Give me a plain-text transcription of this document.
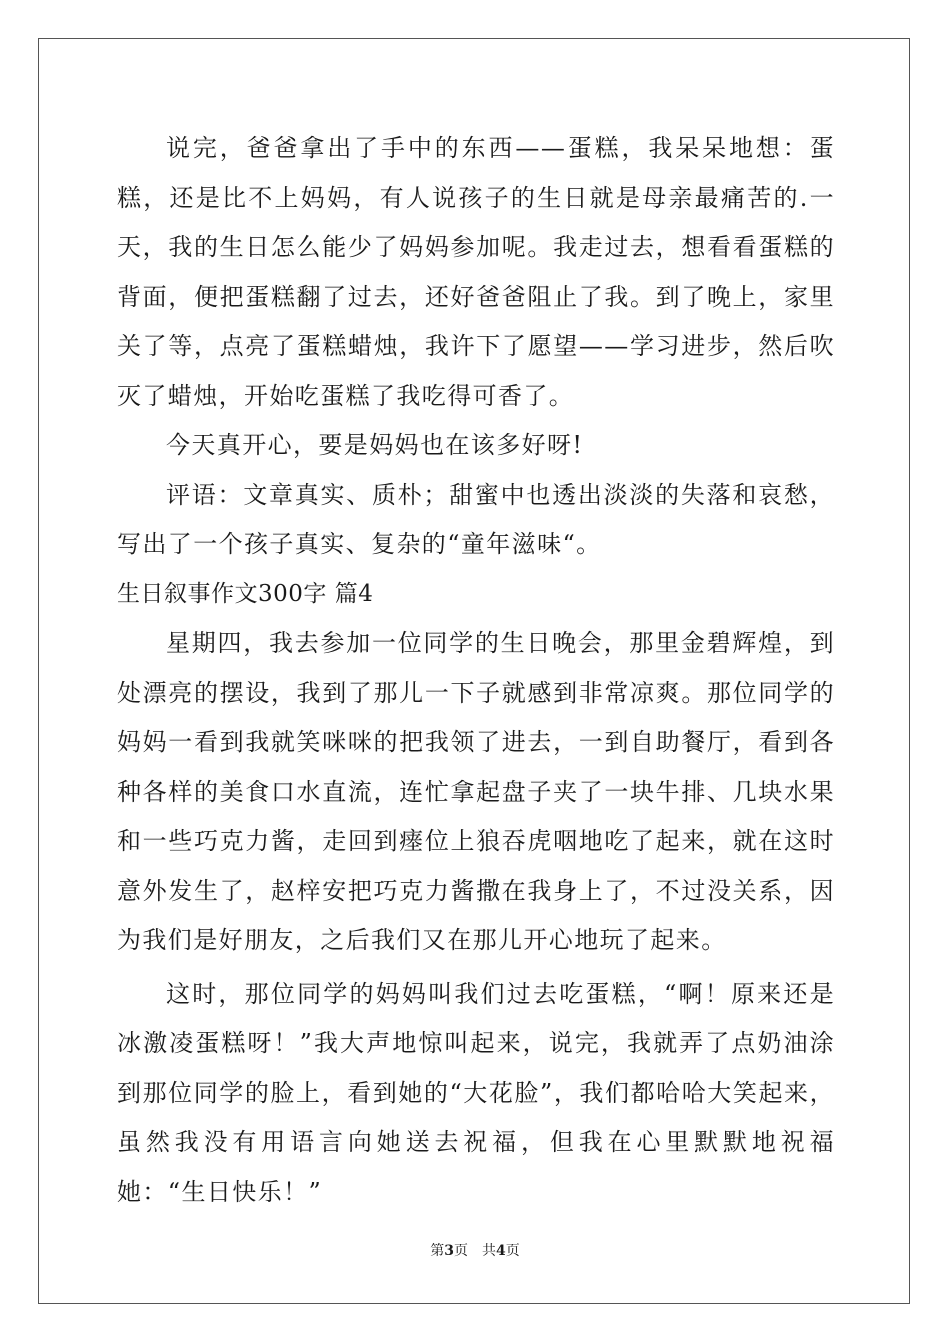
说完，爸爸拿出了手中的东西——蛋糕，我呆呆地想：蛋糕，还是比不上妈妈，有人说孩子的生日就是母亲最痛苦的.一天，我的生日怎么能少了妈妈参加呢。我走过去，想看看蛋糕的背面，便把蛋糕翻了过去，还好爸爸阻止了我。到了晚上，家里关了等，点亮了蛋糕蜡烛，我许下了愿望——学习进步，然后吹灭了蜡烛，开始吃蛋糕了我吃得可香了。

今天真开心，要是妈妈也在该多好呀!

评语：文章真实、质朴；甜蜜中也透出淡淡的失落和哀愁，写出了一个孩子真实、复杂的“童年滋味“。

生日叙事作文300字 篇4

星期四，我去参加一位同学的生日晚会，那里金碧辉煌，到处漂亮的摆设，我到了那儿一下子就感到非常凉爽。那位同学的妈妈一看到我就笑咪咪的把我领了进去，一到自助餐厅，看到各种各样的美食口水直流，连忙拿起盘子夹了一块牛排、几块水果和一些巧克力酱，走回到瘗位上狼吞虎咽地吃了起来，就在这时意外发生了，赵梓安把巧克力酱撒在我身上了，不过没关系，因为我们是好朋友，之后我们又在那儿开心地玩了起来。

这时，那位同学的妈妈叫我们过去吃蛋糕，“啊！原来还是冰激凌蛋糕呀！”我大声地惊叫起来，说完，我就弄了点奶油涂到那位同学的脸上，看到她的“大花脸”，我们都哈哈大笑起来，虽然我没有用语言向她送去祝福，但我在心里默默地祝福她：“生日快乐！”

第3页 共4页
